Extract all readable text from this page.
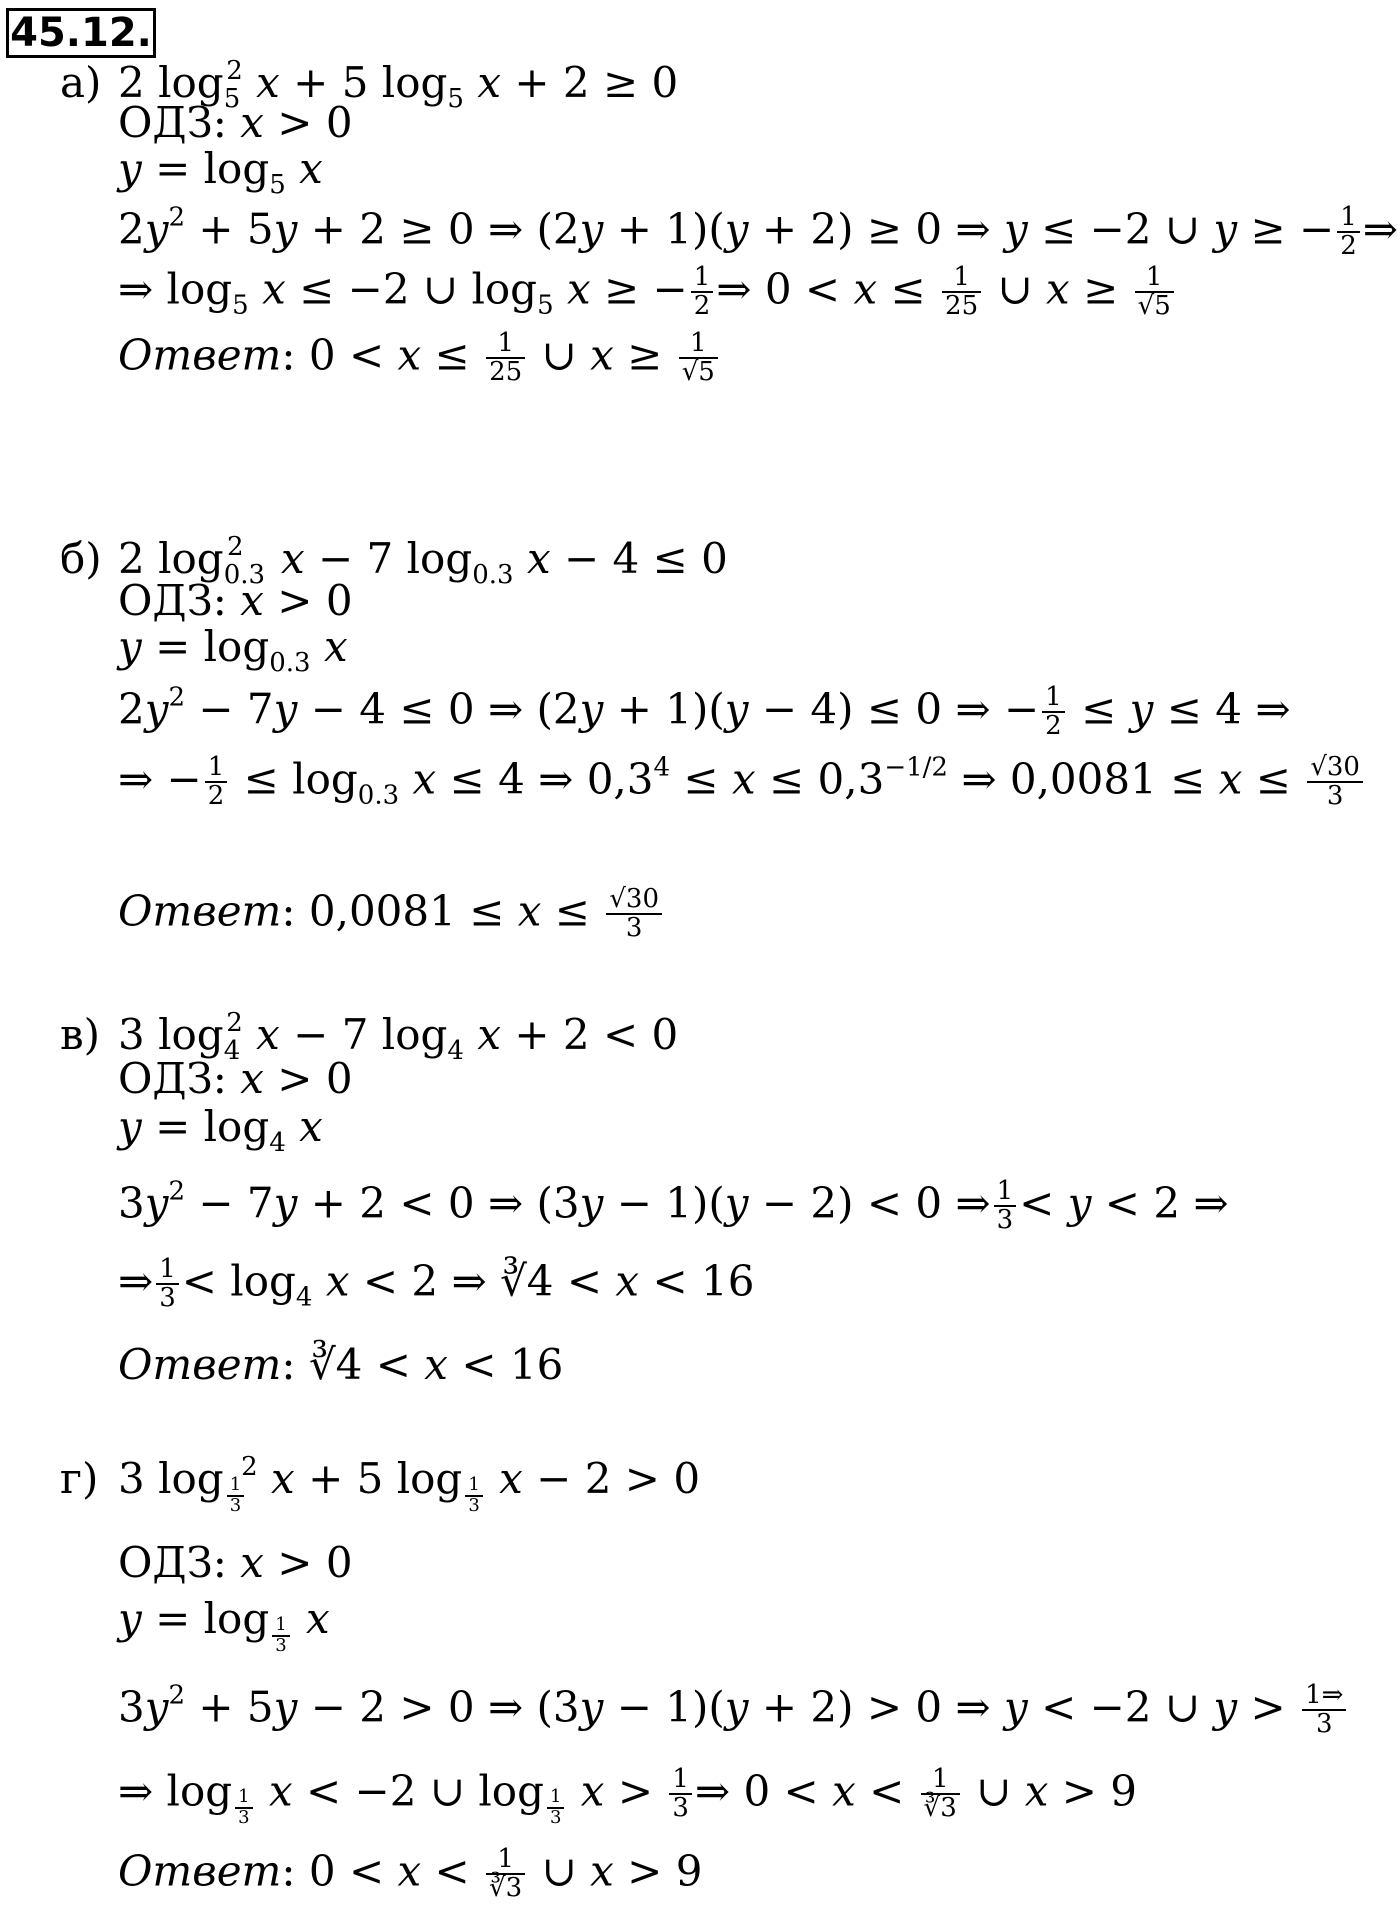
45.12.
а) 2 $\log_5^2 x + 5$ $\log_5 x + 2 \ge 0$
ОДЗ: x > 0
$y = \log_5 x$
$2y^2 + 5y + 2 \ge 0$ ⇒ (2y + 1)(y + 2) ≥ 0 ⇒ y ≤ −2 ∪ y ≥ − $\frac{1}{2}$ ⇒
⇒ $\log_5 x \le -2$ ∪ $\log_5 x$ ≥ − $\frac{1}{2}$ ⇒ $0 < x \le \frac{1}{25}$ ∪ $x \ge \frac{1}{√5}$
Ответ: $0 < x \le \frac{1}{25}$ ∪ $x \ge \frac{1}{√5}$
б) 2 $\log_{0.3}^2 x - 7$ $\log_{0.3} x - 4 \le 0$
ОДЗ: x > 0
$y = \log_{0.3} x$
$2y^2 - 7y - 4 \le 0$ ⇒ (2y + 1)(y − 4) ≤ 0 ⇒ − $\frac{1}{2} \le y \le 4$ ⇒
⇒ − $\frac{1}{2} \le \log_{0.3} x \le 4$ ⇒ $0,3^4 \le x \le 0,3^{-1/2}$ ⇒ $0,0081 \le x \le \frac{√30}{3}$
Ответ: $0,0081 \le x \le \frac{√30}{3}$
в) 3 $\log_4^2 x - 7$ $\log_4 x + 2 < 0$
ОДЗ: x > 0
$y = \log_4 x$
$3y^2 - 7y + 2 < 0$ ⇒ (3y − 1)(y − 2) < 0 ⇒ $\frac{1}{3} < y < 2$ ⇒
⇒ $\frac{1}{3} < \log_4 x < 2$ ⇒ ∛4 < x < 16
Ответ: ∛4 < x < 16
г) 3 log $_{\frac{1}{3}}$
$^2$ x + 5 log $_{\frac{1}{3}}$ x − 2 > 0
ОДЗ: x > 0
y = log $_{\frac{1}{3}}$ x
$3y^2 + 5y - 2 > 0$ ⇒ (3y − 1)(y + 2) > 0 ⇒ y < −2 ∪ $y > \frac{1\Rightarrow}{3}$
⇒ log $_{\frac{1}{3}}$ x < −2 ∪ log $_{\frac{1}{3}}$ $x > \frac{1}{3}$ ⇒ $0 < x < \frac{1}{∛3}$ ∪ x > 9
Ответ: $0 < x < \frac{1}{∛3}$ ∪ x > 9
